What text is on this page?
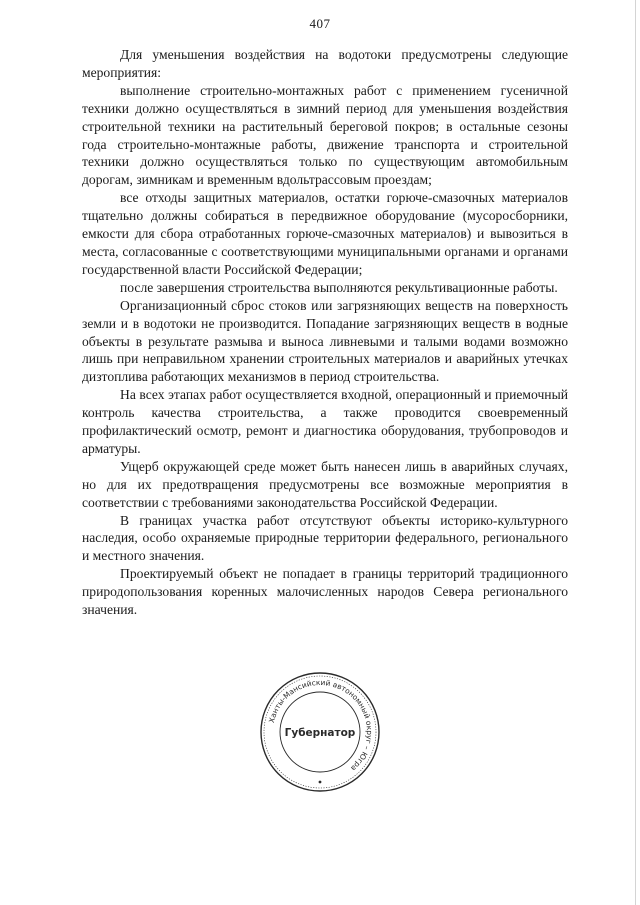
407

Для уменьшения воздействия на водотоки предусмотрены следующие мероприятия:

выполнение строительно-монтажных работ с применением гусеничной техники должно осуществляться в зимний период для уменьшения воздействия строительной техники на растительный береговой покров; в остальные сезоны года строительно-монтажные работы, движение транспорта и строительной техники должно осуществляться только по существующим автомобильным дорогам, зимникам и временным вдольтрассовым проездам;

все отходы защитных материалов, остатки горюче-смазочных материалов тщательно должны собираться в передвижное оборудование (мусоросборники, емкости для сбора отработанных горюче-смазочных материалов) и вывозиться в места, согласованные с соответствующими муниципальными органами и органами государственной власти Российской Федерации;

после завершения строительства выполняются рекультивационные работы.

Организационный сброс стоков или загрязняющих веществ на поверхность земли и в водотоки не производится. Попадание загрязняющих веществ в водные объекты в результате размыва и выноса ливневыми и талыми водами возможно лишь при неправильном хранении строительных материалов и аварийных утечках дизтоплива работающих механизмов в период строительства.

На всех этапах работ осуществляется входной, операционный и приемочный контроль качества строительства, а также проводится своевременный профилактический осмотр, ремонт и диагностика оборудования, трубопроводов и арматуры.

Ущерб окружающей среде может быть нанесен лишь в аварийных случаях, но для их предотвращения предусмотрены все возможные мероприятия в соответствии с требованиями законодательства Российской Федерации.

В границах участка работ отсутствуют объекты историко-культурного наследия, особо охраняемые природные территории федерального, регионального и местного значения.

Проектируемый объект не попадает в границы территорий традиционного природопользования коренных малочисленных народов Севера регионального значения.

Ханты-Мансийский автономный округ – Югра
Губернатор
